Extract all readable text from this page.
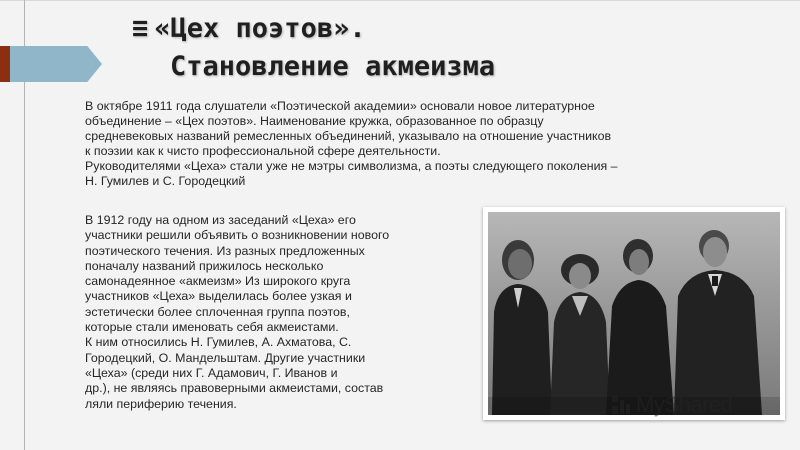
≡ «Цех поэтов».
Становление акмеизма

В октябре 1911 года слушатели «Поэтической академии» основали новое литературное

объединение – «Цех поэтов». Наименование кружка, образованное по образцу

средневековых названий ремесленных объединений, указывало на отношение участников

к поэзии как к чисто профессиональной сфере деятельности.

Руководителями «Цеха» стали уже не мэтры символизма, а поэты следующего поколения –

Н. Гумилев и С. Городецкий

В 1912 году на одном из заседаний «Цеха» его

участники решили объявить о возникновении нового

поэтического течения. Из разных предложенных

поначалу названий прижилось несколько

самонадеянное «акмеизм» Из широкого круга

участников «Цеха» выделилась более узкая и

эстетически более сплоченная группа поэтов,

которые стали именовать себя акмеистами.

К ним относились Н. Гумилев, А. Ахматова, С.

Городецкий, О. Мандельштам. Другие участники

«Цеха» (среди них Г. Адамович, Г. Иванов и

др.), не являясь правоверными акмеистами, состав

ляли периферию течения.	MyShared
